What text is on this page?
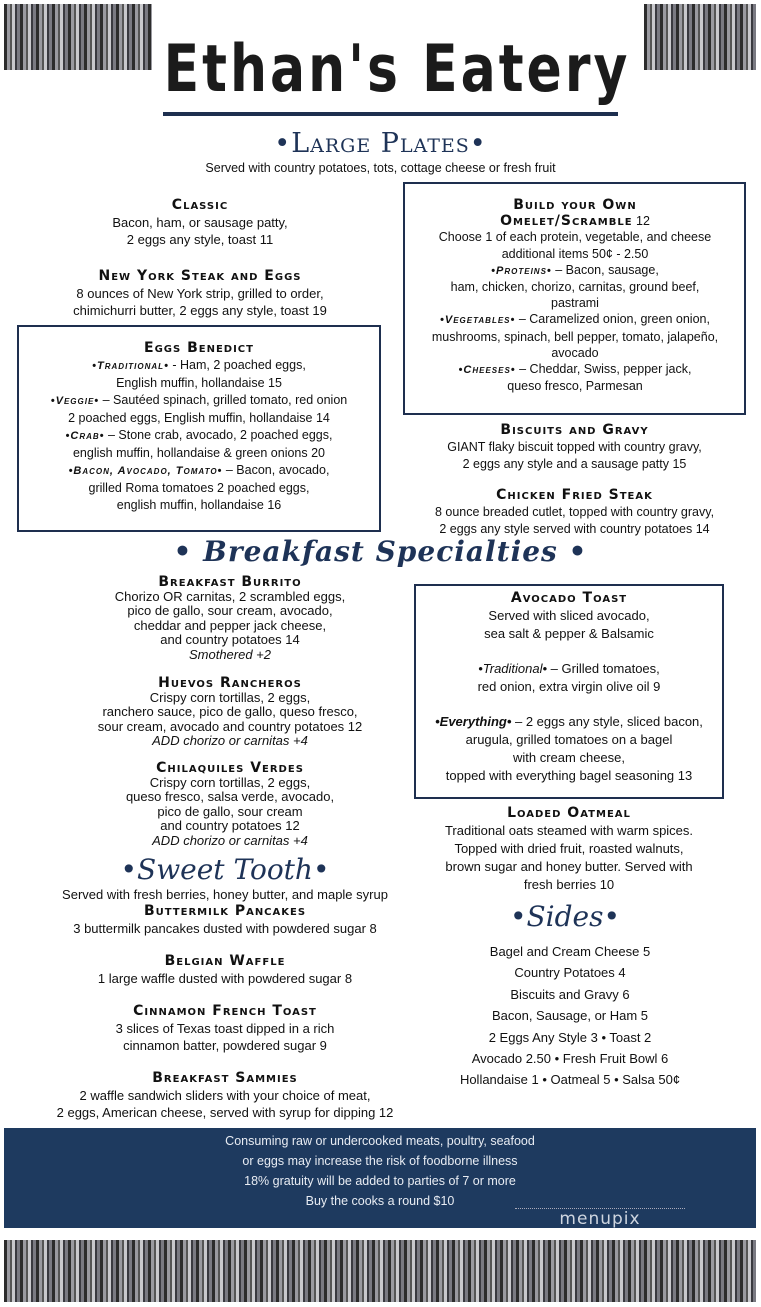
Ethan's Eatery
•Large Plates•
Served with country potatoes, tots, cottage cheese or fresh fruit
Classic
Bacon, ham, or sausage patty,
2 eggs any style, toast 11
New York Steak and Eggs
8 ounces of New York strip, grilled to order,
chimichurri butter, 2 eggs any style, toast 19
Eggs Benedict
•Traditional• - Ham, 2 poached eggs,
English muffin, hollandaise 15
•Veggie• – Sautéed spinach, grilled tomato, red onion
2 poached eggs, English muffin, hollandaise 14
•Crab• – Stone crab, avocado, 2 poached eggs,
english muffin, hollandaise & green onions 20
•Bacon, Avocado, Tomato• – Bacon, avocado,
grilled Roma tomatoes 2 poached eggs,
english muffin, hollandaise 16
Build your Own
Omelet/Scramble 12
Choose 1 of each protein, vegetable, and cheese
additional items 50¢ - 2.50
•Proteins• – Bacon, sausage,
ham, chicken, chorizo, carnitas, ground beef,
pastrami
•Vegetables• – Caramelized onion, green onion,
mushrooms, spinach, bell pepper, tomato, jalapeño,
avocado
•Cheeses• – Cheddar, Swiss, pepper jack,
queso fresco, Parmesan
Biscuits and Gravy
GIANT flaky biscuit topped with country gravy,
2 eggs any style and a sausage patty 15
Chicken Fried Steak
8 ounce breaded cutlet, topped with country gravy,
2 eggs any style served with country potatoes 14
• Breakfast Specialties •
Breakfast Burrito
Chorizo OR carnitas, 2 scrambled eggs,
pico de gallo, sour cream, avocado,
cheddar and pepper jack cheese,
and country potatoes 14
Smothered +2
Huevos Rancheros
Crispy corn tortillas, 2 eggs,
ranchero sauce, pico de gallo, queso fresco,
sour cream, avocado and country potatoes 12
ADD chorizo or carnitas +4
Chilaquiles Verdes
Crispy corn tortillas, 2 eggs,
queso fresco, salsa verde, avocado,
pico de gallo, sour cream
and country potatoes 12
ADD chorizo or carnitas +4
Avocado Toast
Served with sliced avocado,
sea salt & pepper & Balsamic
•Traditional• – Grilled tomatoes,
red onion, extra virgin olive oil 9
•Everything• – 2 eggs any style, sliced bacon,
arugula, grilled tomatoes on a bagel
with cream cheese,
topped with everything bagel seasoning 13
Loaded Oatmeal
Traditional oats steamed with warm spices.
Topped with dried fruit, roasted walnuts,
brown sugar and honey butter. Served with
fresh berries 10
•Sweet Tooth•
Served with fresh berries, honey butter, and maple syrup
Buttermilk Pancakes
3 buttermilk pancakes dusted with powdered sugar 8
Belgian Waffle
1 large waffle dusted with powdered sugar 8
Cinnamon French Toast
3 slices of Texas toast dipped in a rich
cinnamon batter, powdered sugar 9
Breakfast Sammies
2 waffle sandwich sliders with your choice of meat,
2 eggs, American cheese, served with syrup for dipping 12
•Sides•
Bagel and Cream Cheese 5
Country Potatoes 4
Biscuits and Gravy 6
Bacon, Sausage, or Ham 5
2 Eggs Any Style 3 • Toast 2
Avocado 2.50 • Fresh Fruit Bowl 6
Hollandaise 1 • Oatmeal 5 • Salsa 50¢
Consuming raw or undercooked meats, poultry, seafood
or eggs may increase the risk of foodborne illness
18% gratuity will be added to parties of 7 or more
Buy the cooks a round $10
menupix
